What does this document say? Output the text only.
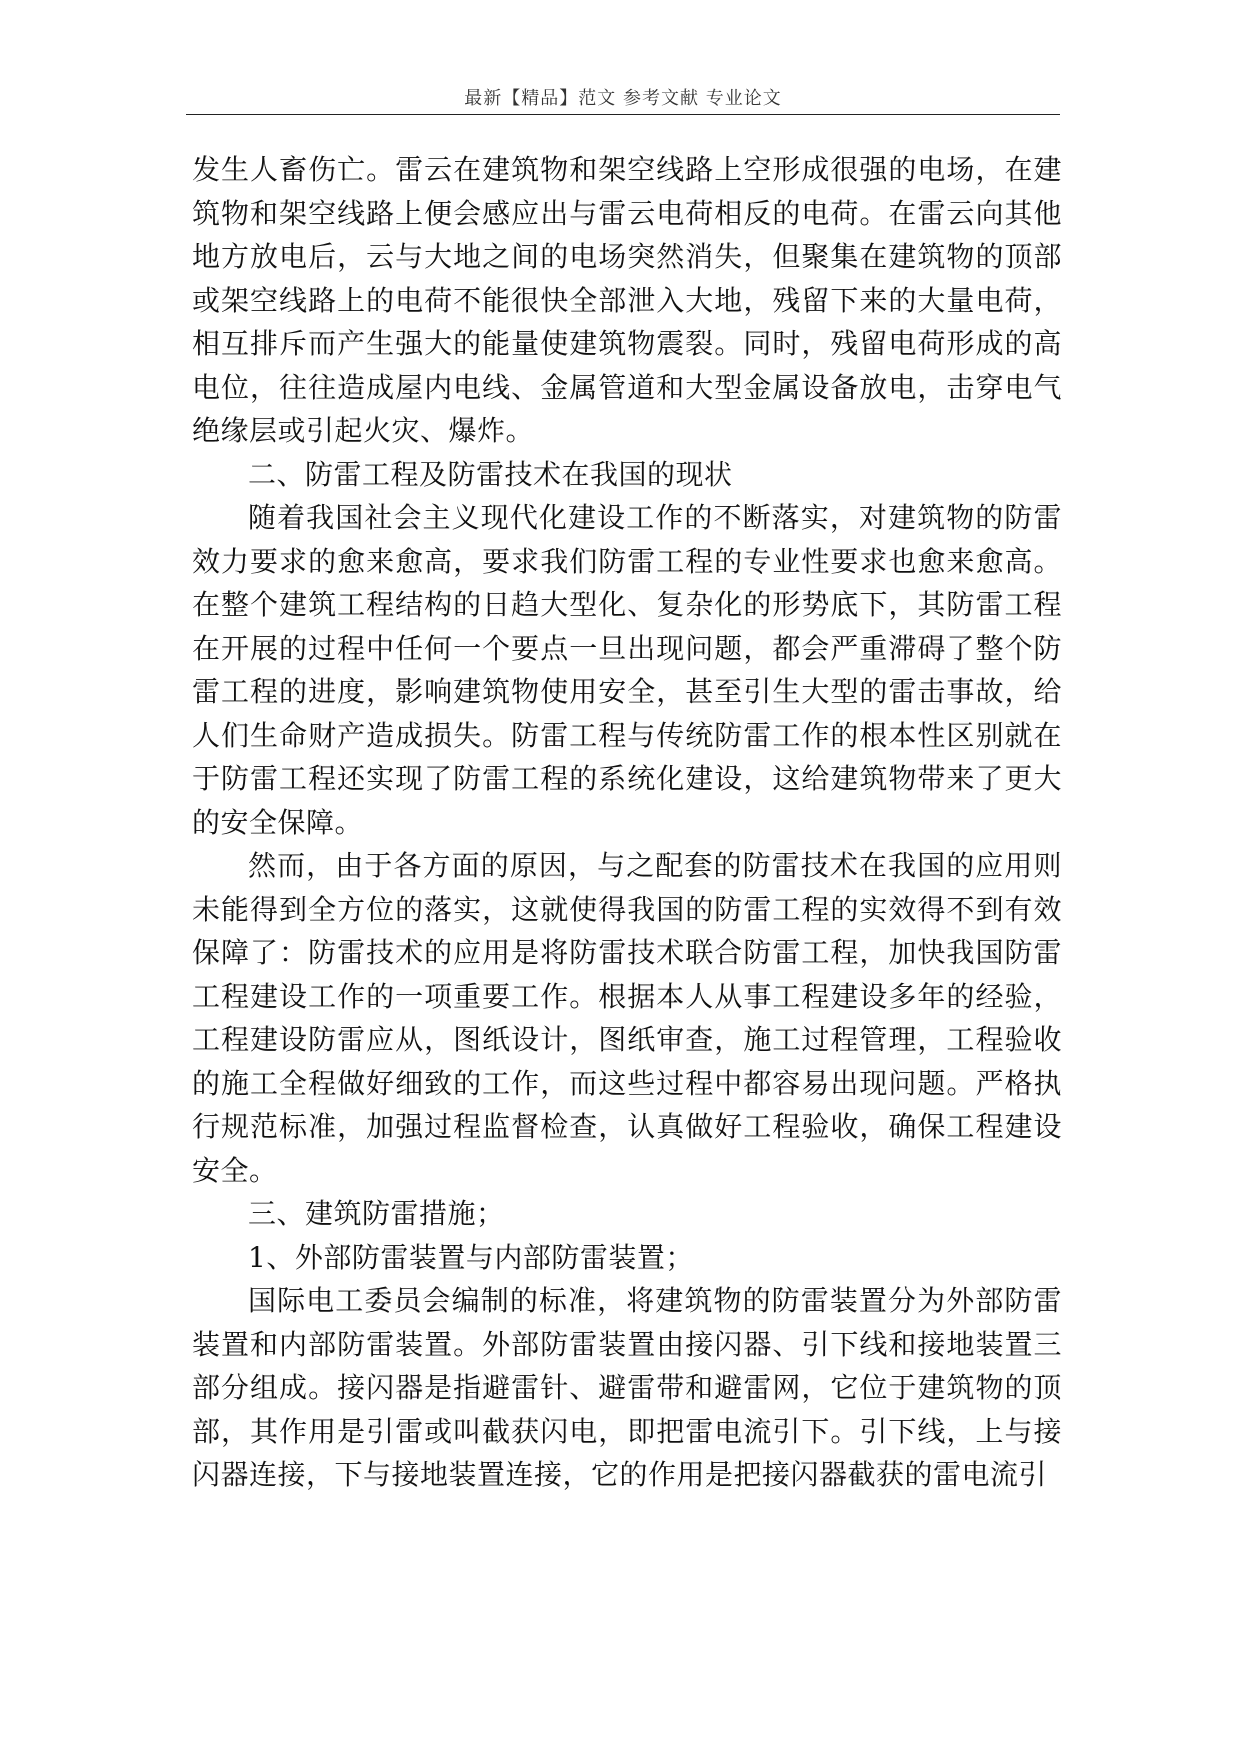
最新【精品】范文 参考文献 专业论文

发生人畜伤亡。雷云在建筑物和架空线路上空形成很强的电场，在建筑物和架空线路上便会感应出与雷云电荷相反的电荷。在雷云向其他地方放电后，云与大地之间的电场突然消失，但聚集在建筑物的顶部或架空线路上的电荷不能很快全部泄入大地，残留下来的大量电荷，相互排斥而产生强大的能量使建筑物震裂。同时，残留电荷形成的高电位，往往造成屋内电线、金属管道和大型金属设备放电，击穿电气绝缘层或引起火灾、爆炸。

二、防雷工程及防雷技术在我国的现状

随着我国社会主义现代化建设工作的不断落实，对建筑物的防雷效力要求的愈来愈高，要求我们防雷工程的专业性要求也愈来愈高。在整个建筑工程结构的日趋大型化、复杂化的形势底下，其防雷工程在开展的过程中任何一个要点一旦出现问题，都会严重滞碍了整个防雷工程的进度，影响建筑物使用安全，甚至引生大型的雷击事故，给人们生命财产造成损失。防雷工程与传统防雷工作的根本性区别就在于防雷工程还实现了防雷工程的系统化建设，这给建筑物带来了更大的安全保障。

然而，由于各方面的原因，与之配套的防雷技术在我国的应用则未能得到全方位的落实，这就使得我国的防雷工程的实效得不到有效保障了：防雷技术的应用是将防雷技术联合防雷工程，加快我国防雷工程建设工作的一项重要工作。根据本人从事工程建设多年的经验，工程建设防雷应从，图纸设计，图纸审查，施工过程管理，工程验收的施工全程做好细致的工作，而这些过程中都容易出现问题。严格执行规范标准，加强过程监督检查，认真做好工程验收，确保工程建设安全。

三、建筑防雷措施；

1、外部防雷装置与内部防雷装置；

国际电工委员会编制的标准，将建筑物的防雷装置分为外部防雷装置和内部防雷装置。外部防雷装置由接闪器、引下线和接地装置三部分组成。接闪器是指避雷针、避雷带和避雷网，它位于建筑物的顶部，其作用是引雷或叫截获闪电，即把雷电流引下。引下线，上与接闪器连接，下与接地装置连接，它的作用是把接闪器截获的雷电流引
